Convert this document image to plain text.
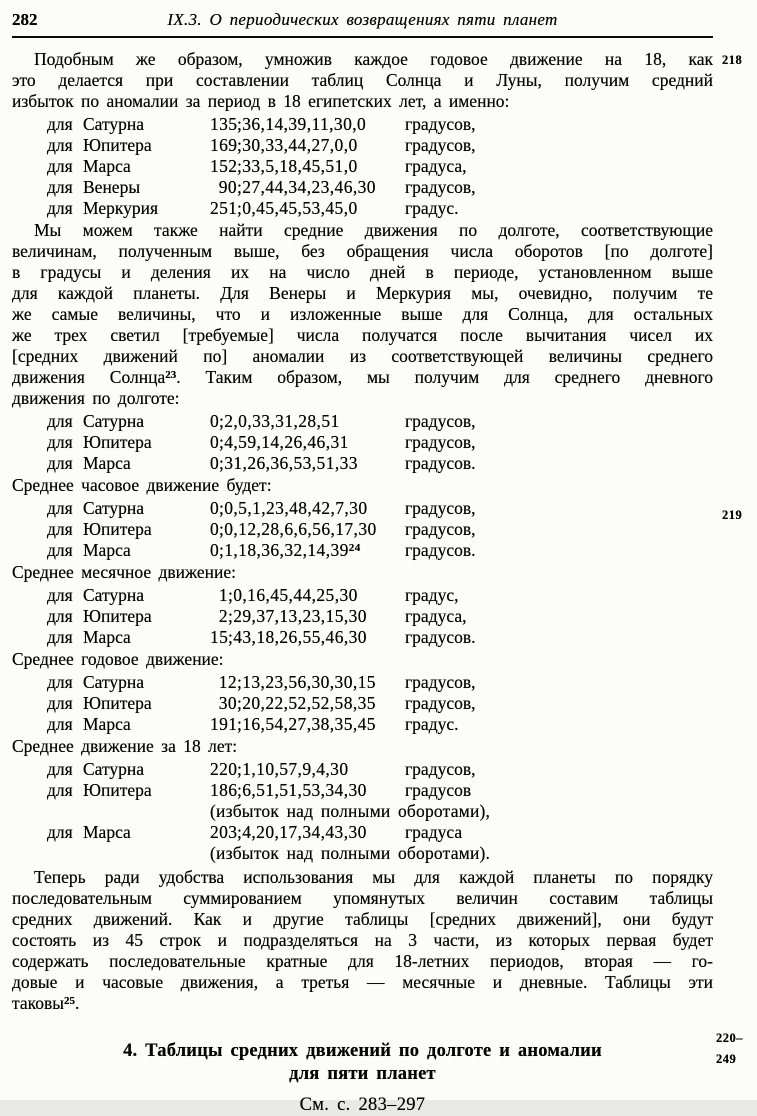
282	IX.3. О периодических возвращениях пяти планет
218
219
220–249
Подобным же образом, умножив каждое годовое движение на 18, как
это делается при составлении таблиц Солнца и Луны, получим средний
избыток по аномалии за период в 18 египетских лет, а именно:
для Сатурна	135;36,14,39,11,30,0	градусов,
для Юпитера	169;30,33,44,27,0,0	градусов,
для Марса	152;33,5,18,45,51,0	градуса,
для Венеры	90;27,44,34,23,46,30	градусов,
для Меркурия	251;0,45,45,53,45,0	градус.
Мы можем также найти средние движения по долготе, соответствующие
величинам, полученным выше, без обращения числа оборотов [по долготе]
в градусы и деления их на число дней в периоде, установленном выше
для каждой планеты. Для Венеры и Меркурия мы, очевидно, получим те
же самые величины, что и изложенные выше для Солнца, для остальных
же трех светил [требуемые] числа получатся после вычитания чисел их
[средних движений по] аномалии из соответствующей величины среднего
движения Солнца$^{23}$. Таким образом, мы получим для среднего дневного
движения по долготе:
для Сатурна	0;2,0,33,31,28,51	градусов,
для Юпитера	0;4,59,14,26,46,31	градусов,
для Марса	0;31,26,36,53,51,33	градусов.
Среднее часовое движение будет:
для Сатурна	0;0,5,1,23,48,42,7,30	градусов,
для Юпитера	0;0,12,28,6,6,56,17,30	градусов,
для Марса	0;1,18,36,32,14,39$^{24}$	градусов.
Среднее месячное движение:
для Сатурна	1;0,16,45,44,25,30	градус,
для Юпитера	2;29,37,13,23,15,30	градуса,
для Марса	15;43,18,26,55,46,30	градусов.
Среднее годовое движение:
для Сатурна	12;13,23,56,30,30,15	градусов,
для Юпитера	30;20,22,52,52,58,35	градусов,
для Марса	191;16,54,27,38,35,45	градус.
Среднее движение за 18 лет:
для Сатурна	220;1,10,57,9,4,30	градусов,
для Юпитера	186;6,51,51,53,34,30	градусов
(избыток над полными оборотами),
для Марса	203;4,20,17,34,43,30	градуса
(избыток над полными оборотами).
Теперь ради удобства использования мы для каждой планеты по порядку
последовательным суммированием упомянутых величин составим таблицы
средних движений. Как и другие таблицы [средних движений], они будут
состоять из 45 строк и подразделяться на 3 части, из которых первая будет
содержать последовательные кратные для 18-летних периодов, вторая — го-
довые и часовые движения, а третья — месячные и дневные. Таблицы эти
таковы$^{25}$.
4. Таблицы средних движений по долготе и аномалии
для пяти планет
См. с. 283–297
